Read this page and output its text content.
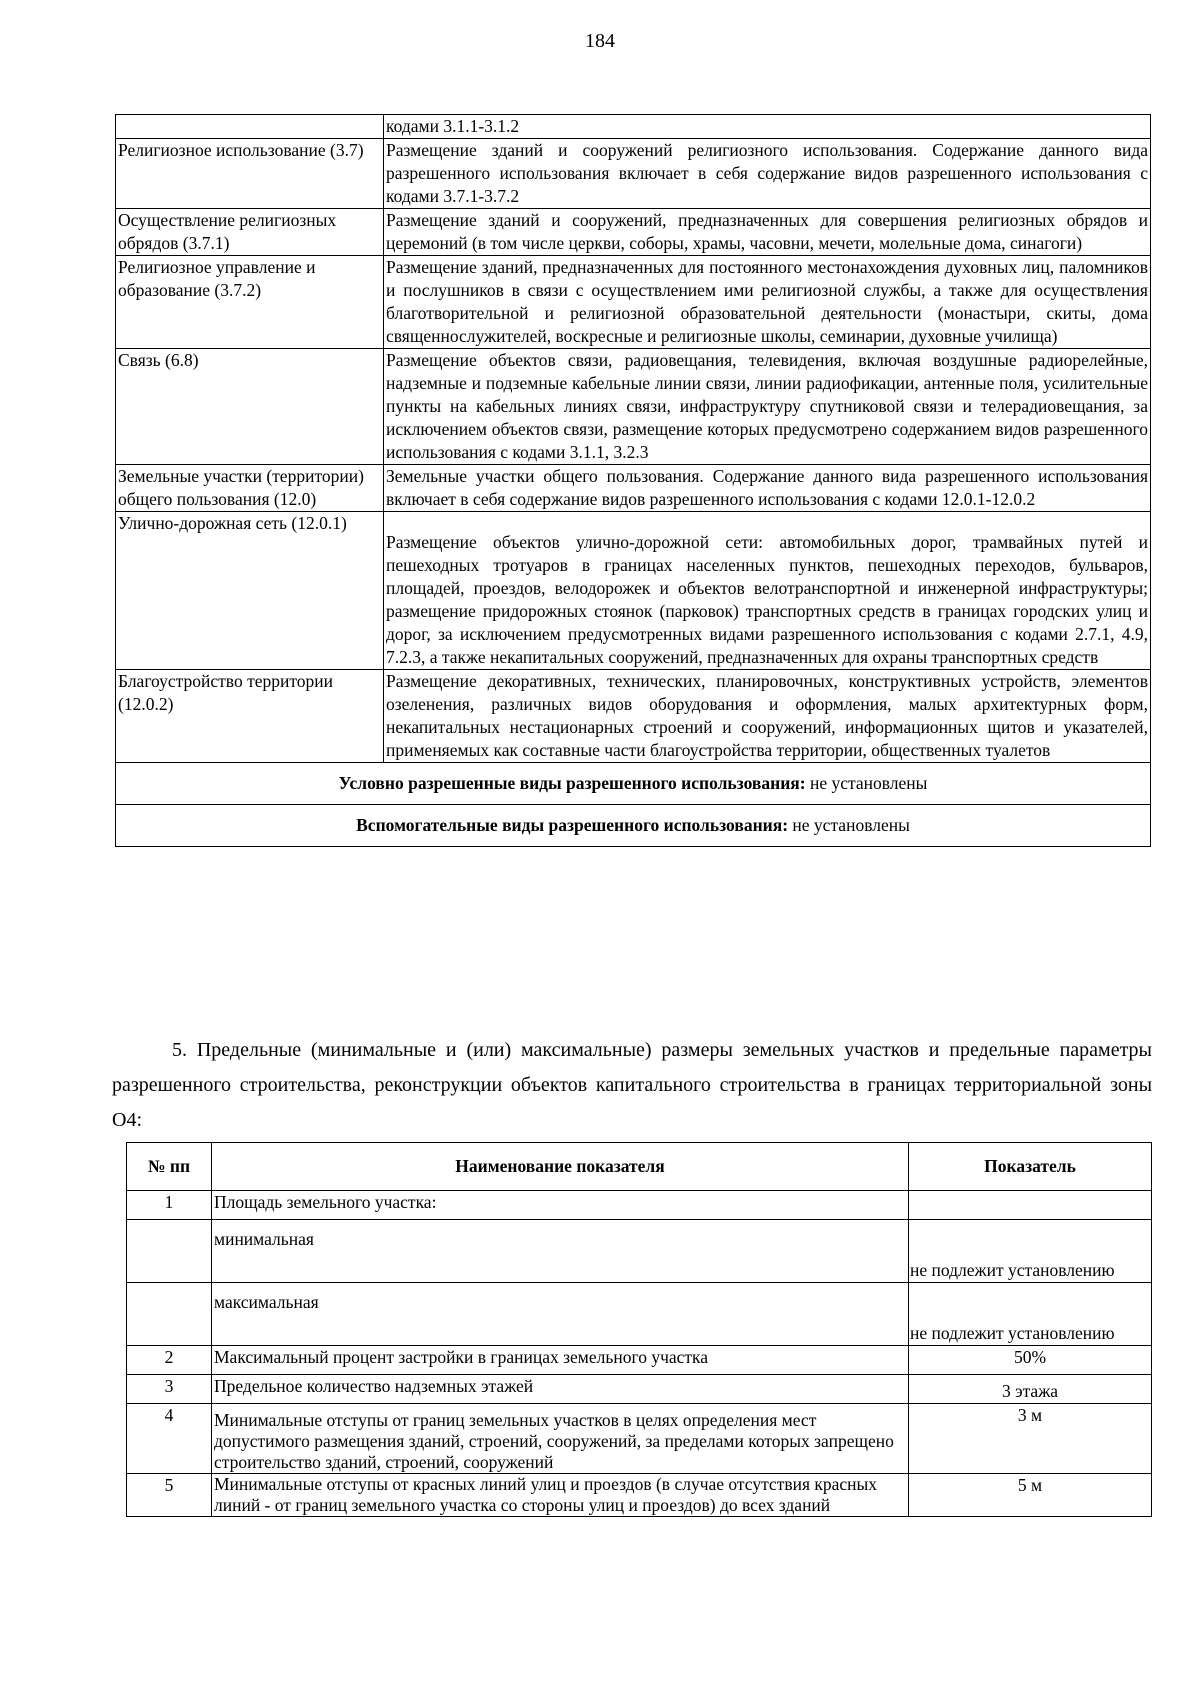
184
	кодами 3.1.1-3.1.2
Религиозное использование (3.7)	Размещение зданий и сооружений религиозного использования. Содержание данного вида разрешенного использования включает в себя содержание видов разрешенного использования с кодами 3.7.1-3.7.2
Осуществление религиозных обрядов (3.7.1)	Размещение зданий и сооружений, предназначенных для совершения религиозных обрядов и церемоний (в том числе церкви, соборы, храмы, часовни, мечети, молельные дома, синагоги)
Религиозное управление и образование (3.7.2)	Размещение зданий, предназначенных для постоянного местонахождения духовных лиц, паломников и послушников в связи с осуществлением ими религиозной службы, а также для осуществления благотворительной и религиозной образовательной деятельности (монастыри, скиты, дома священнослужителей, воскресные и религиозные школы, семинарии, духовные училища)
Связь (6.8)	Размещение объектов связи, радиовещания, телевидения, включая воздушные радиорелейные, надземные и подземные кабельные линии связи, линии радиофикации, антенные поля, усилительные пункты на кабельных линиях связи, инфраструктуру спутниковой связи и телерадиовещания, за исключением объектов связи, размещение которых предусмотрено содержанием видов разрешенного использования с кодами 3.1.1, 3.2.3
Земельные участки (территории) общего пользования (12.0)	Земельные участки общего пользования. Содержание данного вида разрешенного использования включает в себя содержание видов разрешенного использования с кодами 12.0.1-12.0.2
Улично-дорожная сеть (12.0.1)	Размещение объектов улично-дорожной сети: автомобильных дорог, трамвайных путей и пешеходных тротуаров в границах населенных пунктов, пешеходных переходов, бульваров, площадей, проездов, велодорожек и объектов велотранспортной и инженерной инфраструктуры; размещение придорожных стоянок (парковок) транспортных средств в границах городских улиц и дорог, за исключением предусмотренных видами разрешенного использования с кодами 2.7.1, 4.9, 7.2.3, а также некапитальных сооружений, предназначенных для охраны транспортных средств
Благоустройство территории (12.0.2)	Размещение декоративных, технических, планировочных, конструктивных устройств, элементов озеленения, различных видов оборудования и оформления, малых архитектурных форм, некапитальных нестационарных строений и сооружений, информационных щитов и указателей, применяемых как составные части благоустройства территории, общественных туалетов
Условно разрешенные виды разрешенного использования: не установлены	
Вспомогательные виды разрешенного использования: не установлены	

5. Предельные (минимальные и (или) максимальные) размеры земельных участков и предельные параметры разрешенного строительства, реконструкции объектов капитального строительства в границах территориальной зоны О4:

№ пп	Наименование показателя	Показатель
1	Площадь земельного участка:	
	минимальная	не подлежит установлению
	максимальная	не подлежит установлению
2	Максимальный процент застройки в границах земельного участка	50%
3	Предельное количество надземных этажей	3 этажа
4	Минимальные отступы от границ земельных участков в целях определения мест допустимого размещения зданий, строений, сооружений, за пределами которых запрещено строительство зданий, строений, сооружений	3 м
5	Минимальные отступы от красных линий улиц и проездов (в случае отсутствия красных линий - от границ земельного участка со стороны улиц и проездов) до всех зданий	5 м
